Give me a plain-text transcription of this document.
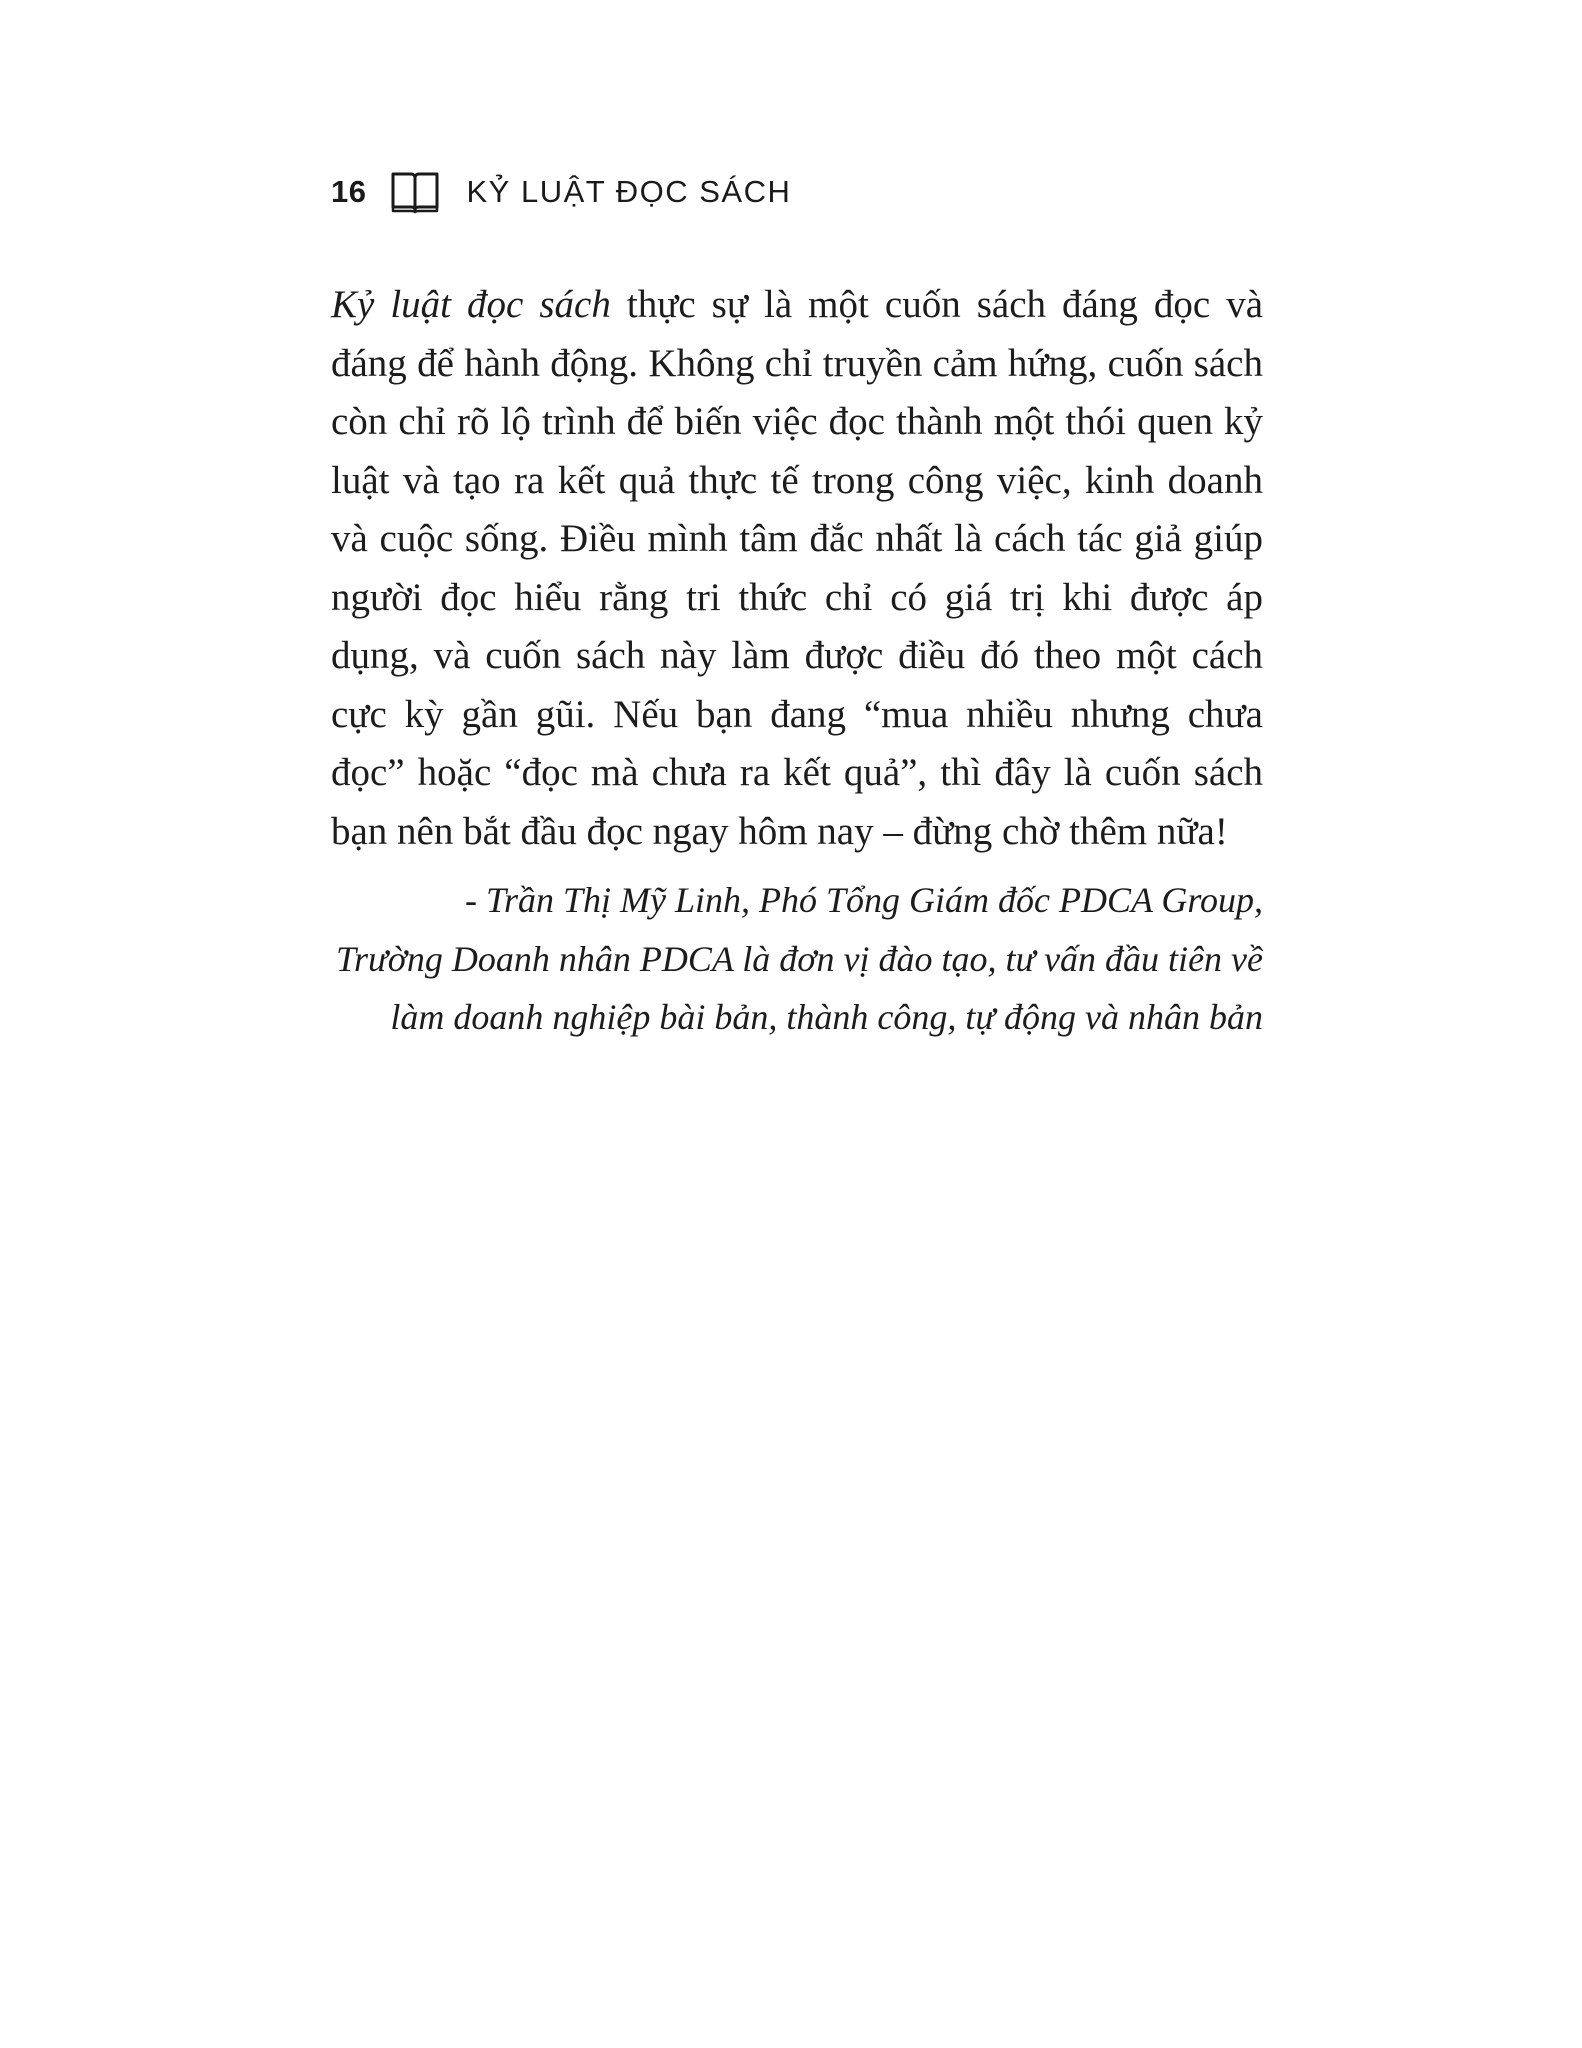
16	KỶ LUẬT ĐỌC SÁCH

Kỷ luật đọc sách thực sự là một cuốn sách đáng đọc và đáng để hành động. Không chỉ truyền cảm hứng, cuốn sách còn chỉ rõ lộ trình để biến việc đọc thành một thói quen kỷ luật và tạo ra kết quả thực tế trong công việc, kinh doanh và cuộc sống. Điều mình tâm đắc nhất là cách tác giả giúp người đọc hiểu rằng tri thức chỉ có giá trị khi được áp dụng, và cuốn sách này làm được điều đó theo một cách cực kỳ gần gũi. Nếu bạn đang “mua nhiều nhưng chưa đọc” hoặc “đọc mà chưa ra kết quả”, thì đây là cuốn sách bạn nên bắt đầu đọc ngay hôm nay – đừng chờ thêm nữa!

- Trần Thị Mỹ Linh, Phó Tổng Giám đốc PDCA Group,
Trường Doanh nhân PDCA là đơn vị đào tạo, tư vấn đầu tiên về
làm doanh nghiệp bài bản, thành công, tự động và nhân bản
